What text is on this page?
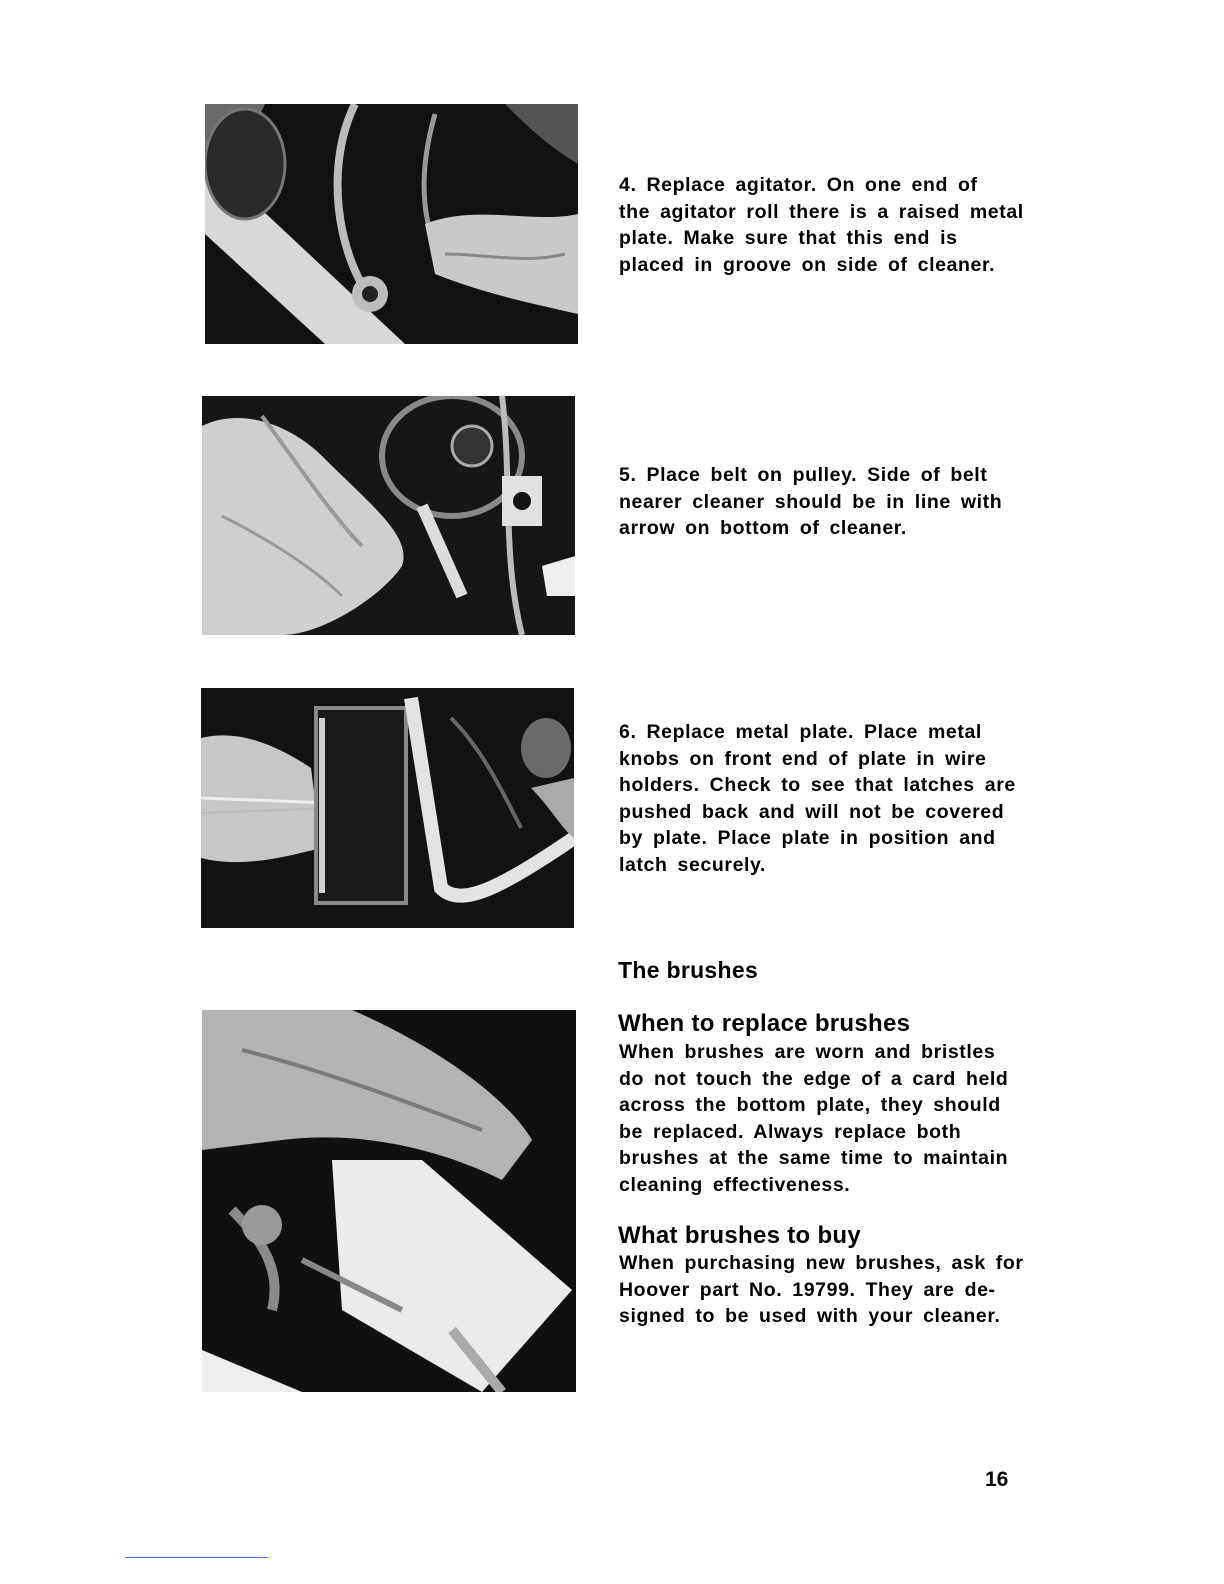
4. Replace agitator. On one end of
the agitator roll there is a raised metal
plate. Make sure that this end is
placed in groove on side of cleaner.
5. Place belt on pulley. Side of belt
nearer cleaner should be in line with
arrow on bottom of cleaner.
6. Replace metal plate. Place metal
knobs on front end of plate in wire
holders. Check to see that latches are
pushed back and will not be covered
by plate. Place plate in position and
latch securely.
The brushes
When to replace brushes
When brushes are worn and bristles
do not touch the edge of a card held
across the bottom plate, they should
be replaced. Always replace both
brushes at the same time to maintain
cleaning effectiveness.
What brushes to buy
When purchasing new brushes, ask for
Hoover part No. 19799. They are de-
signed to be used with your cleaner.
16
